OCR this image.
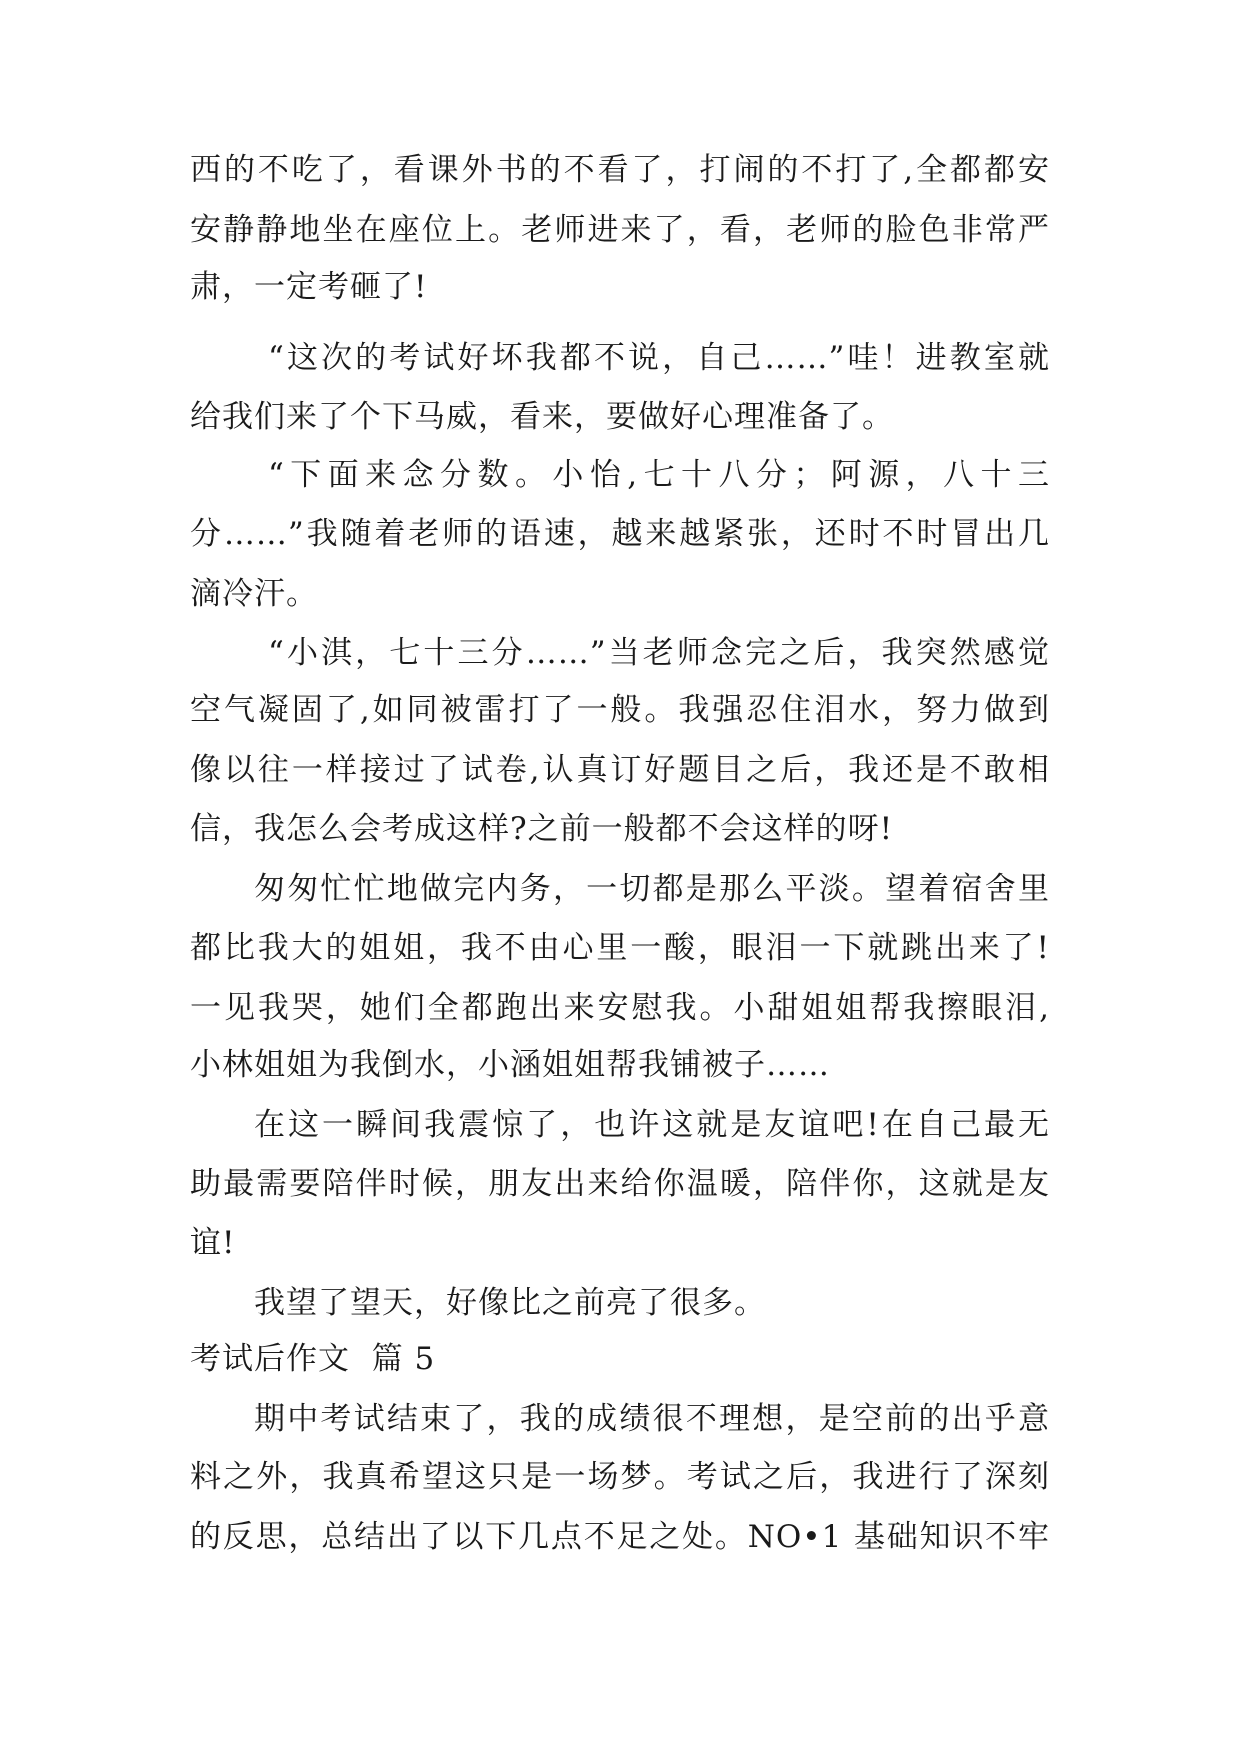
西的不吃了，看课外书的不看了，打闹的不打了,全都都安
安静静地坐在座位上。老师进来了，看，老师的脸色非常严
肃，一定考砸了!
“这次的考试好坏我都不说，自己……”哇！进教室就
给我们来了个下马威，看来，要做好心理准备了。
“下面来念分数。小怡,七十八分；阿源，八十三
分……”我随着老师的语速，越来越紧张，还时不时冒出几
滴冷汗。
“小淇，七十三分……”当老师念完之后，我突然感觉
空气凝固了,如同被雷打了一般。我强忍住泪水，努力做到
像以往一样接过了试卷,认真订好题目之后，我还是不敢相
信，我怎么会考成这样?之前一般都不会这样的呀!
匆匆忙忙地做完内务，一切都是那么平淡。望着宿舍里
都比我大的姐姐，我不由心里一酸，眼泪一下就跳出来了!
一见我哭，她们全都跑出来安慰我。小甜姐姐帮我擦眼泪,
小林姐姐为我倒水，小涵姐姐帮我铺被子……
在这一瞬间我震惊了，也许这就是友谊吧!在自己最无
助最需要陪伴时候，朋友出来给你温暖，陪伴你，这就是友
谊!
我望了望天，好像比之前亮了很多。
考试后作文  篇 5
期中考试结束了，我的成绩很不理想，是空前的出乎意
料之外，我真希望这只是一场梦。考试之后，我进行了深刻
的反思，总结出了以下几点不足之处。NO•1 基础知识不牢
